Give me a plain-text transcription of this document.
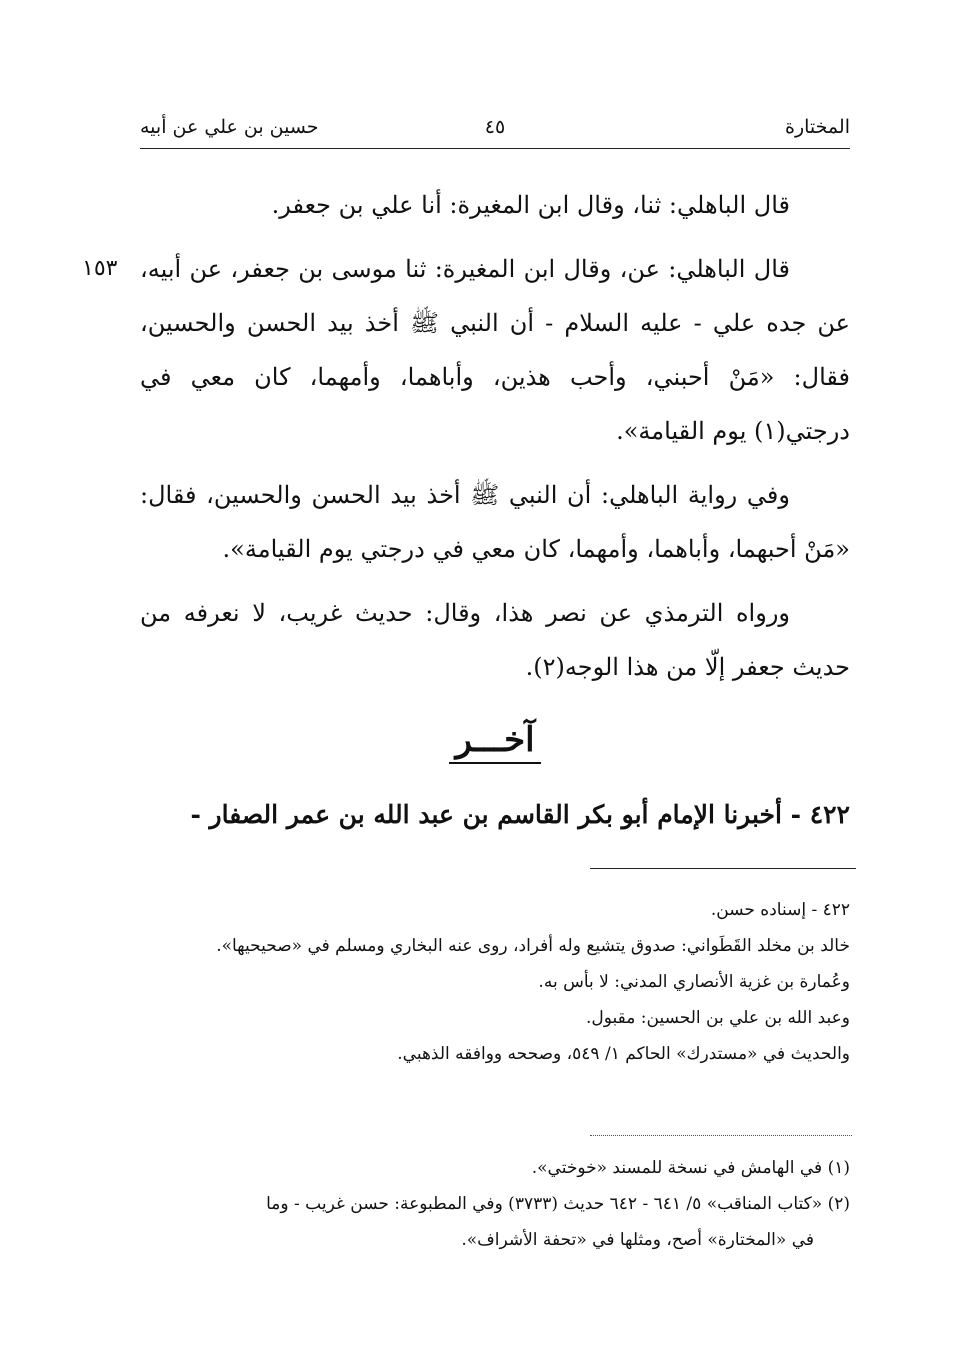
المختارة
٤٥
حسين بن علي عن أبيه
١٥٣

قال الباهلي: ثنا، وقال ابن المغيرة: أنا علي بن جعفر.

قال الباهلي: عن، وقال ابن المغيرة: ثنا موسى بن جعفر، عن أبيه، عن جده علي - عليه السلام - أن النبي ﷺ أخذ بيد الحسن والحسين، فقال: «مَنْ أحبني، وأحب هذين، وأباهما، وأمهما، كان معي في درجتي(١) يوم القيامة».

وفي رواية الباهلي: أن النبي ﷺ أخذ بيد الحسن والحسين، فقال: «مَنْ أحبهما، وأباهما، وأمهما، كان معي في درجتي يوم القيامة».

ورواه الترمذي عن نصر هذا، وقال: حديث غريب، لا نعرفه من حديث جعفر إلّا من هذا الوجه(٢).

آخـــر
٤٢٢ - أخبرنا الإمام أبو بكر القاسم بن عبد الله بن عمر الصفار -

٤٢٢ - إسناده حسن.

خالد بن مخلد القَطَواني: صدوق يتشيع وله أفراد، روى عنه البخاري ومسلم في «صحيحيها».

وعُمارة بن غزية الأنصاري المدني: لا بأس به.

وعبد الله بن علي بن الحسين: مقبول.

والحديث في «مستدرك» الحاكم ١/ ٥٤٩، وصححه ووافقه الذهبي.

(١) في الهامش في نسخة للمسند «خوختي».

(٢) «كتاب المناقب» ٥/ ٦٤١ - ٦٤٢ حديث (٣٧٣٣) وفي المطبوعة: حسن غريب - وما

في «المختارة» أصح، ومثلها في «تحفة الأشراف».
